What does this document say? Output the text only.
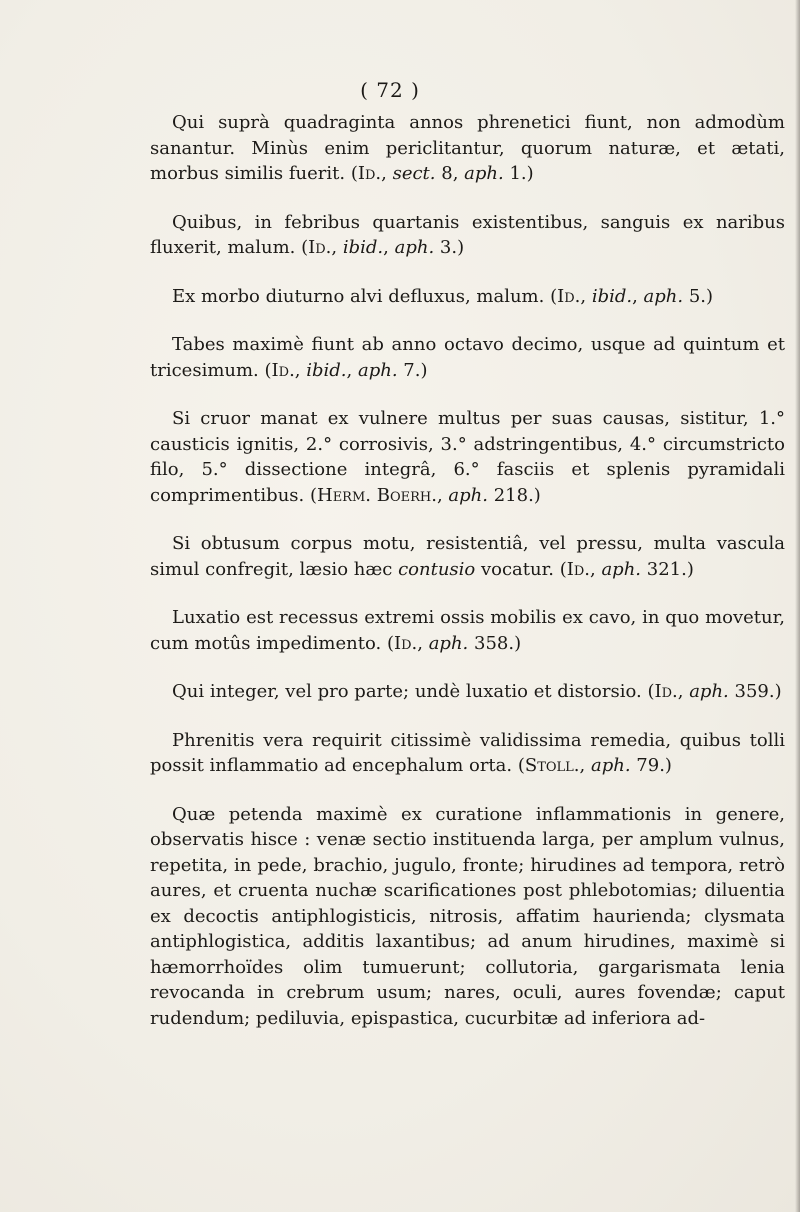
( 72 )

Qui suprà quadraginta annos phrenetici fiunt, non admodùm sanantur. Minùs enim periclitantur, quorum naturæ, et ætati, morbus similis fuerit. (Id., sect. 8, aph. 1.)

Quibus, in febribus quartanis existentibus, sanguis ex naribus fluxerit, malum. (Id., ibid., aph. 3.)

Ex morbo diuturno alvi defluxus, malum. (Id., ibid., aph. 5.)

Tabes maximè fiunt ab anno octavo decimo, usque ad quintum et tricesimum. (Id., ibid., aph. 7.)

Si cruor manat ex vulnere multus per suas causas, sistitur, 1.° causticis ignitis, 2.° corrosivis, 3.° adstringentibus, 4.° circumstricto filo, 5.° dissectione integrâ, 6.° fasciis et splenis pyramidali comprimentibus. (Herm. Boerh., aph. 218.)

Si obtusum corpus motu, resistentiâ, vel pressu, multa vascula simul confregit, læsio hæc contusio vocatur. (Id., aph. 321.)

Luxatio est recessus extremi ossis mobilis ex cavo, in quo movetur, cum motûs impedimento. (Id., aph. 358.)

Qui integer, vel pro parte; undè luxatio et distorsio. (Id., aph. 359.)

Phrenitis vera requirit citissimè validissima remedia, quibus tolli possit inflammatio ad encephalum orta. (Stoll., aph. 79.)

Quæ petenda maximè ex curatione inflammationis in genere, observatis hisce : venæ sectio instituenda larga, per amplum vulnus, repetita, in pede, brachio, jugulo, fronte; hirudines ad tempora, retrò aures, et cruenta nuchæ scarificationes post phlebotomias; diluentia ex decoctis antiphlogisticis, nitrosis, affatim haurienda; clysmata antiphlogistica, additis laxantibus; ad anum hirudines, maximè si hæmorrhoïdes olim tumuerunt; collutoria, gargarismata lenia revocanda in crebrum usum; nares, oculi, aures fovendæ; caput rudendum; pediluvia, epispastica, cucurbitæ ad inferiora ad-
